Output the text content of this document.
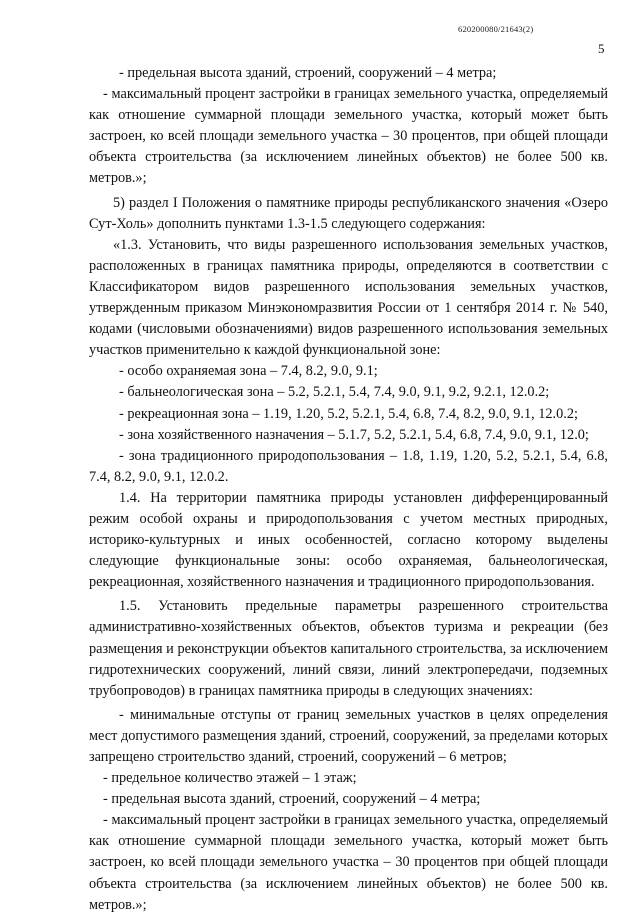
620200080/21643(2)
5

- предельная высота зданий, строений, сооружений – 4 метра;

- максимальный процент застройки в границах земельного участка, определяемый как отношение суммарной площади земельного участка, который может быть застроен, ко всей площади земельного участка – 30 процентов, при общей площади объекта строительства (за исключением линейных объектов) не более 500 кв. метров.»;

5) раздел I Положения о памятнике природы республиканского значения «Озеро Сут-Холь» дополнить пунктами 1.3-1.5 следующего содержания:

«1.3. Установить, что виды разрешенного использования земельных участков, расположенных в границах памятника природы, определяются в соответствии с Классификатором видов разрешенного использования земельных участков, утвержденным приказом Минэкономразвития России от 1 сентября 2014 г. № 540, кодами (числовыми обозначениями) видов разрешенного использования земельных участков применительно к каждой функциональной зоне:

- особо охраняемая зона – 7.4, 8.2, 9.0, 9.1;

- бальнеологическая зона – 5.2, 5.2.1, 5.4, 7.4, 9.0, 9.1, 9.2, 9.2.1, 12.0.2;

- рекреационная зона – 1.19, 1.20, 5.2, 5.2.1, 5.4, 6.8, 7.4, 8.2, 9.0, 9.1, 12.0.2;

- зона хозяйственного назначения – 5.1.7, 5.2, 5.2.1, 5.4, 6.8, 7.4, 9.0, 9.1, 12.0;

- зона традиционного природопользования – 1.8, 1.19, 1.20, 5.2, 5.2.1, 5.4, 6.8, 7.4, 8.2, 9.0, 9.1, 12.0.2.

1.4. На территории памятника природы установлен дифференцированный режим особой охраны и природопользования с учетом местных природных, историко-культурных и иных особенностей, согласно которому выделены следующие функциональные зоны: особо охраняемая, бальнеологическая, рекреационная, хозяйственного назначения и традиционного природопользования.

1.5. Установить предельные параметры разрешенного строительства административно-хозяйственных объектов, объектов туризма и рекреации (без размещения и реконструкции объектов капитального строительства, за исключением гидротехнических сооружений, линий связи, линий электропередачи, подземных трубопроводов) в границах памятника природы в следующих значениях:

- минимальные отступы от границ земельных участков в целях определения мест допустимого размещения зданий, строений, сооружений, за пределами которых запрещено строительство зданий, строений, сооружений – 6 метров;

- предельное количество этажей – 1 этаж;

- предельная высота зданий, строений, сооружений – 4 метра;

- максимальный процент застройки в границах земельного участка, определяемый как отношение суммарной площади земельного участка, который может быть застроен, ко всей площади земельного участка – 30 процентов при общей площади объекта строительства (за исключением линейных объектов) не более 500 кв. метров.»;
